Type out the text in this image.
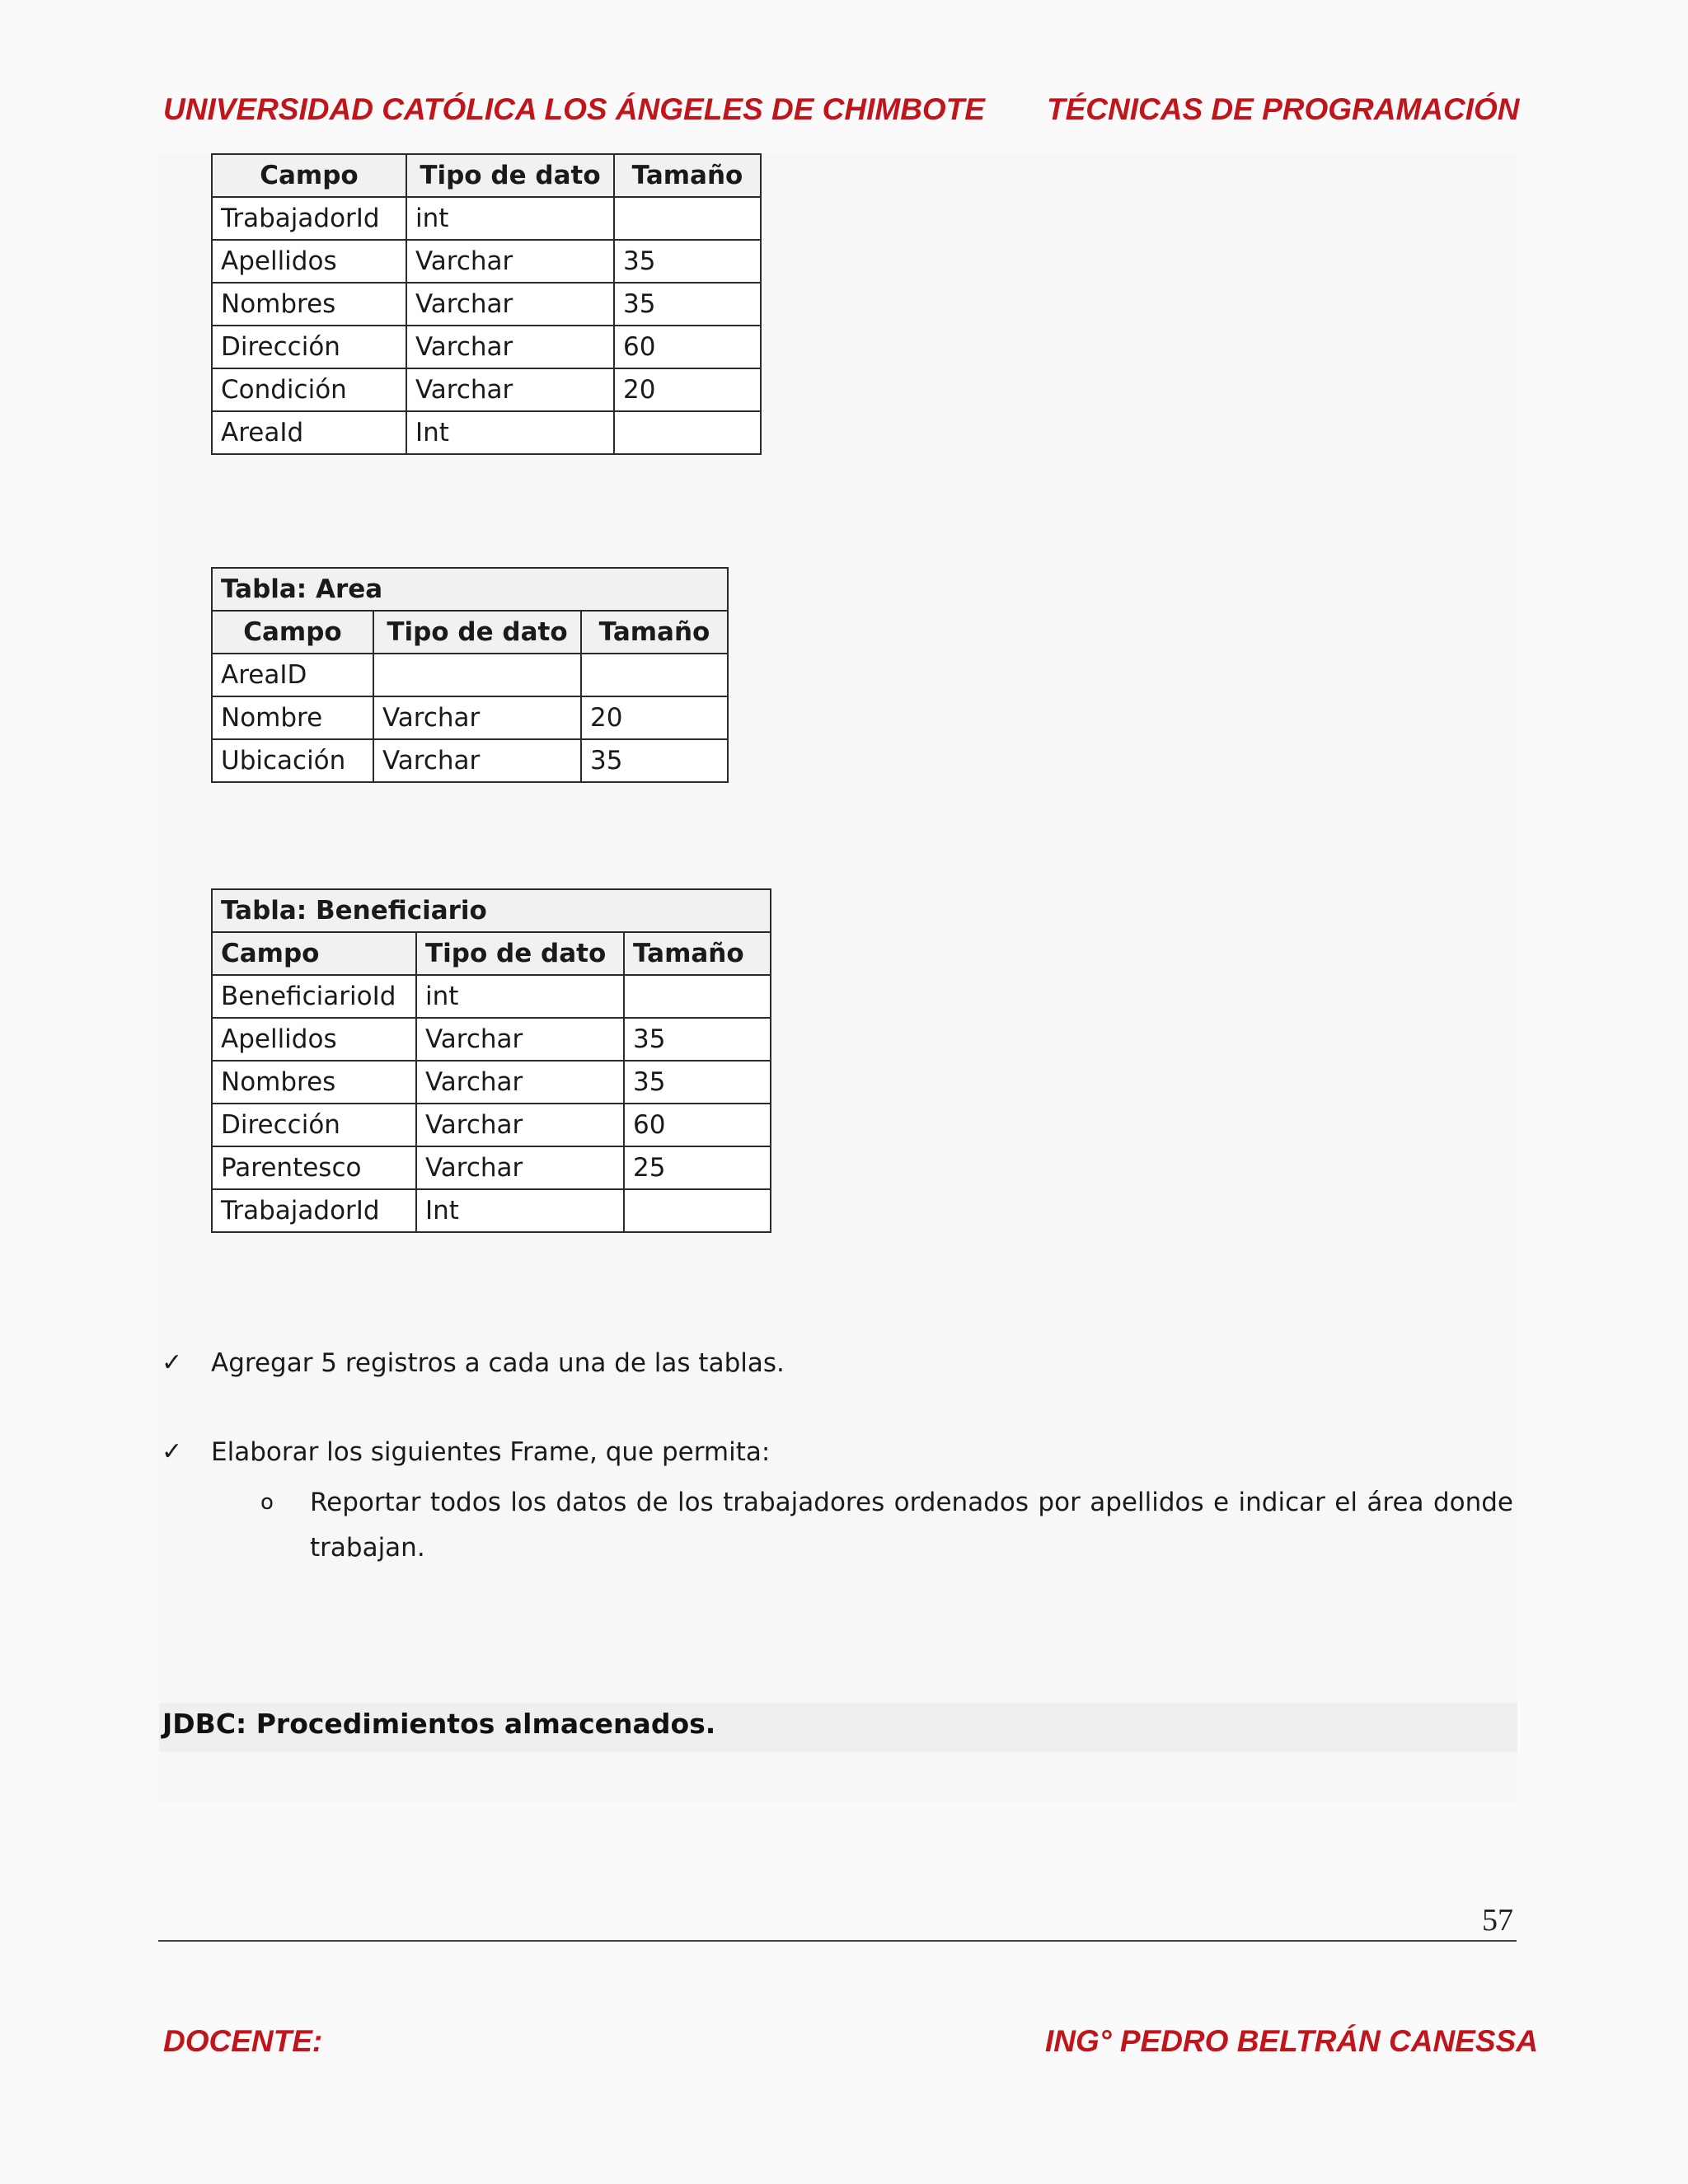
UNIVERSIDAD CATÓLICA LOS ÁNGELES DE CHIMBOTE TÉCNICAS DE PROGRAMACIÓN
Campo	Tipo de dato	Tamaño
TrabajadorId	int	
Apellidos	Varchar	35
Nombres	Varchar	35
Dirección	Varchar	60
Condición	Varchar	20
AreaId	Int	
Tabla: Area		
Campo	Tipo de dato	Tamaño
AreaID		
Nombre	Varchar	20
Ubicación	Varchar	35
Tabla: Beneficiario		
Campo	Tipo de dato	Tamaño
BeneficiarioId	int	
Apellidos	Varchar	35
Nombres	Varchar	35
Dirección	Varchar	60
Parentesco	Varchar	25
TrabajadorId	Int	
✓ Agregar 5 registros a cada una de las tablas.
✓ Elaborar los siguientes Frame, que permita:
o Reportar todos los datos de los trabajadores ordenados por apellidos e indicar el área donde trabajan.
JDBC: Procedimientos almacenados.
57
DOCENTE:	ING° PEDRO BELTRÁN CANESSA
